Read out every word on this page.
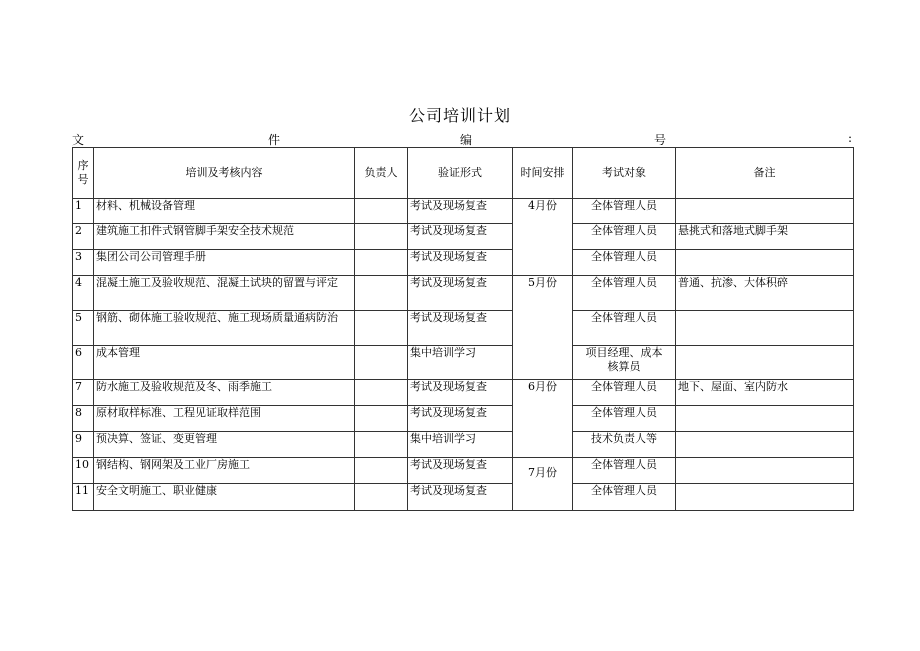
公司培训计划
文	件	编	号	:
序
号	培训及考核内容	负责人	验证形式	时间安排	考试对象	备注
1	材料、机械设备管理		考试及现场复查	4月份	全体管理人员	
2	建筑施工扣件式钢管脚手架安全技术规范		考试及现场复查		全体管理人员	悬挑式和落地式脚手架
3	集团公司公司管理手册		考试及现场复查		全体管理人员	
4	混凝土施工及验收规范、混凝土试块的留置与评定		考试及现场复查	5月份	全体管理人员	普通、抗渗、大体积碎
5	钢筋、砌体施工验收规范、施工现场质量通病防治		考试及现场复查		全体管理人员	
6	成本管理		集中培训学习		项目经理、成本核算员	
7	防水施工及验收规范及冬、雨季施工		考试及现场复查	6月份	全体管理人员	地下、屋面、室内防水
8	原材取样标准、工程见证取样范围		考试及现场复查		全体管理人员	
9	预决算、签证、变更管理		集中培训学习		技术负责人等	
10	钢结构、钢网架及工业厂房施工		考试及现场复查	7月份	全体管理人员	
11	安全文明施工、职业健康		考试及现场复查		全体管理人员	
